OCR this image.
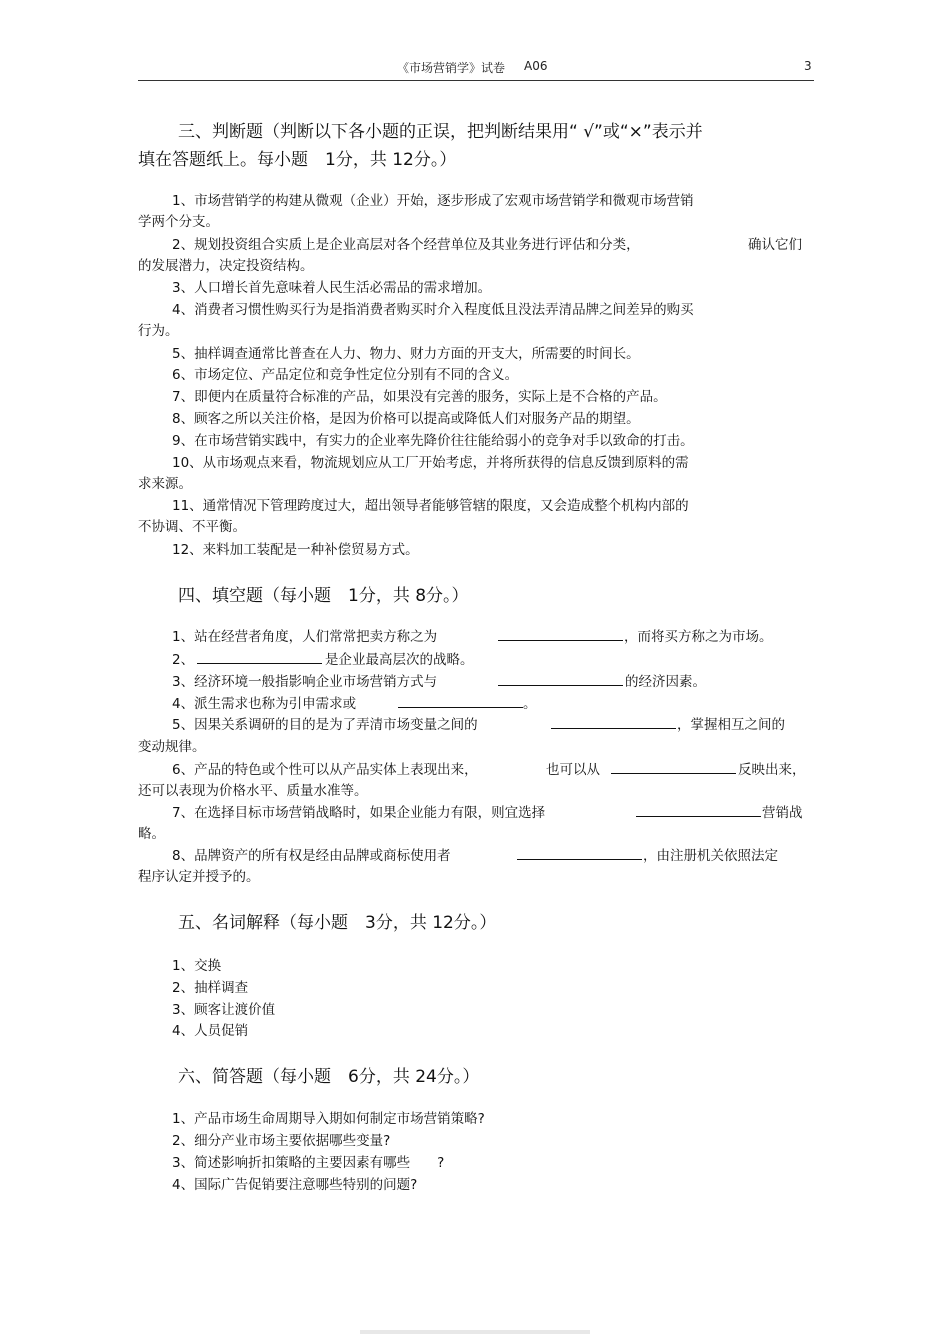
《市场营销学》试卷 A06	3
三、判断题（判断以下各小题的正误，把判断结果用“ √”或“×”表示并
填在答题纸上。每小题　1分，共 12分。）
1、市场营销学的构建从微观（企业）开始，逐步形成了宏观市场营销学和微观市场营销
学两个分支。
2、规划投资组合实质上是企业高层对各个经营单位及其业务进行评估和分类，	确认它们
的发展潜力，决定投资结构。
3、人口增长首先意味着人民生活必需品的需求增加。
4、消费者习惯性购买行为是指消费者购买时介入程度低且没法弄清品牌之间差异的购买
行为。
5、抽样调查通常比普查在人力、物力、财力方面的开支大，所需要的时间长。
6、市场定位、产品定位和竞争性定位分别有不同的含义。
7、即便内在质量符合标准的产品，如果没有完善的服务，实际上是不合格的产品。
8、顾客之所以关注价格，是因为价格可以提高或降低人们对服务产品的期望。
9、在市场营销实践中，有实力的企业率先降价往往能给弱小的竞争对手以致命的打击。
10、从市场观点来看，物流规划应从工厂开始考虑，并将所获得的信息反馈到原料的需
求来源。
11、通常情况下管理跨度过大，超出领导者能够管辖的限度，又会造成整个机构内部的
不协调、不平衡。
12、来料加工装配是一种补偿贸易方式。
四、填空题（每小题　1分，共 8分。）
1、站在经营者角度，人们常常把卖方称之为	，而将买方称之为市场。
2、	是企业最高层次的战略。
3、经济环境一般指影响企业市场营销方式与	的经济因素。
4、派生需求也称为引申需求或	。
5、因果关系调研的目的是为了弄清市场变量之间的	，掌握相互之间的
变动规律。
6、产品的特色或个性可以从产品实体上表现出来，	也可以从	反映出来，
还可以表现为价格水平、质量水准等。
7、在选择目标市场营销战略时，如果企业能力有限，则宜选择	营销战
略。
8、品牌资产的所有权是经由品牌或商标使用者	，由注册机关依照法定
程序认定并授予的。
五、名词解释（每小题　3分，共 12分。）
1、交换
2、抽样调查
3、顾客让渡价值
4、人员促销
六、简答题（每小题　6分，共 24分。）
1、产品市场生命周期导入期如何制定市场营销策略?
2、细分产业市场主要依据哪些变量?
3、简述影响折扣策略的主要因素有哪些　　?
4、国际广告促销要注意哪些特别的问题?
